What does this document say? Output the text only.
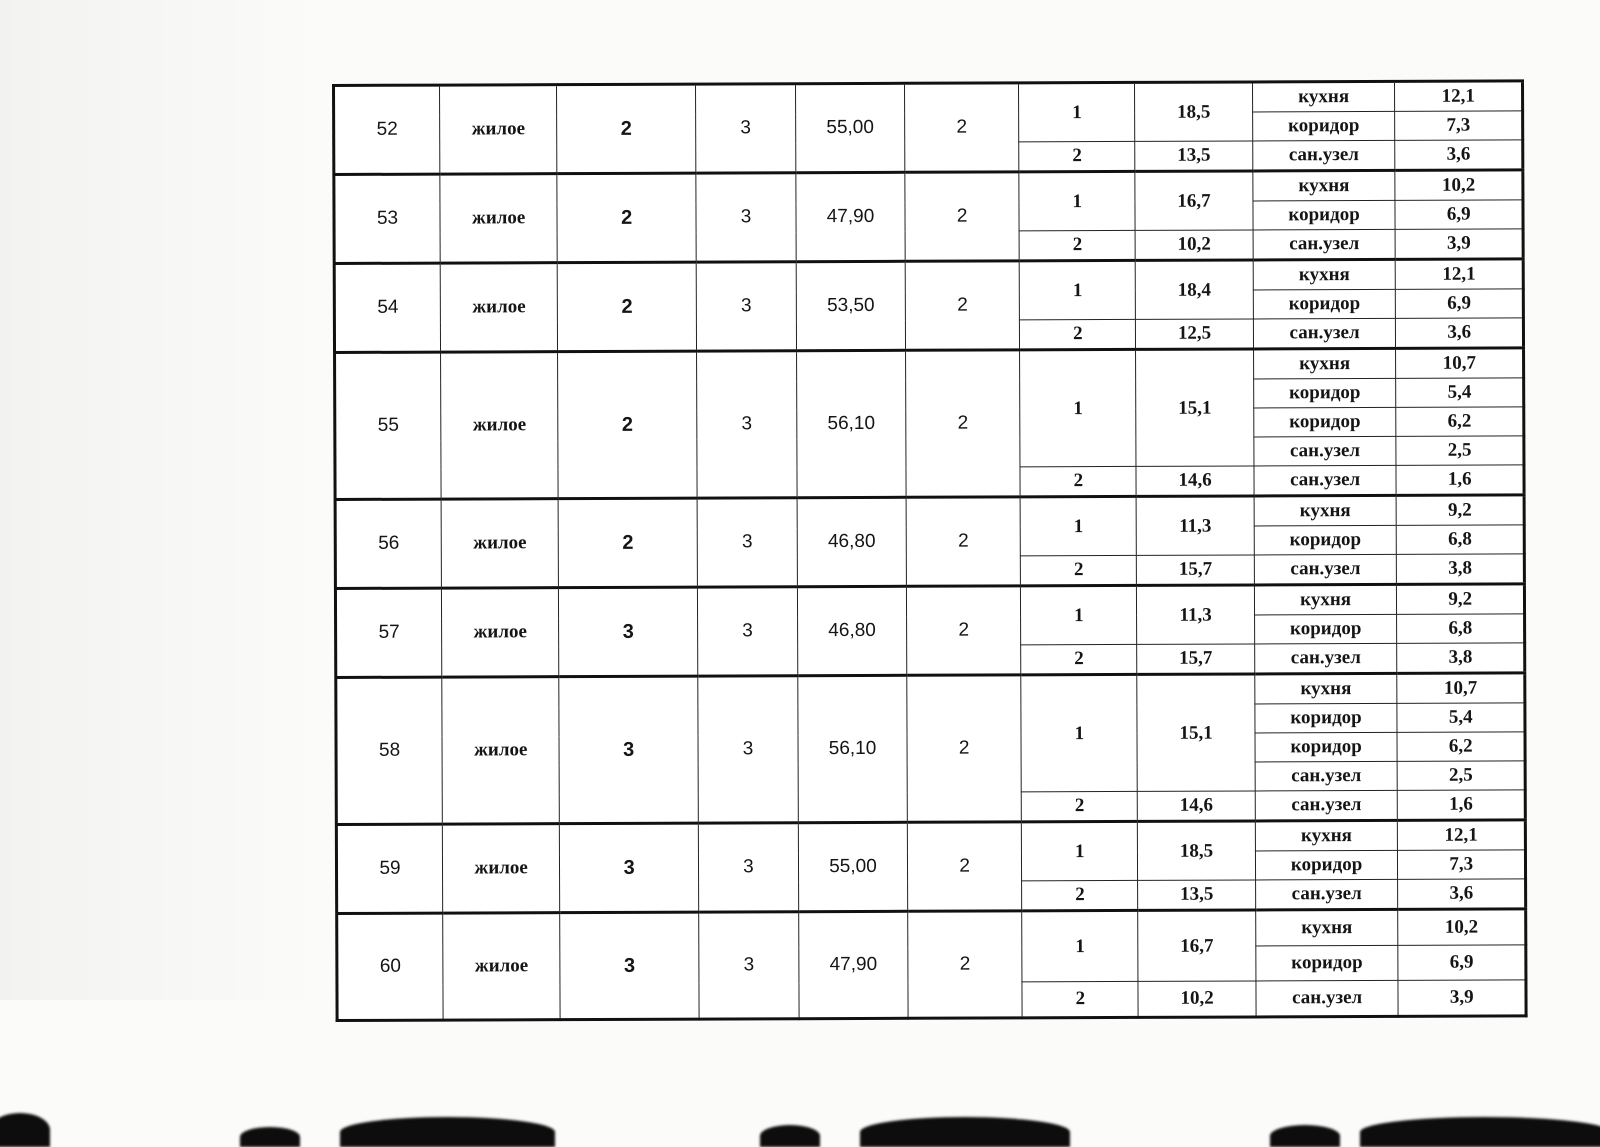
52	жилое	2	3	55,00	2	1	18,5	кухня	12,1
								коридор	7,3
						2	13,5	сан.узел	3,6
53	жилое	2	3	47,90	2	1	16,7	кухня	10,2
								коридор	6,9
						2	10,2	сан.узел	3,9
54	жилое	2	3	53,50	2	1	18,4	кухня	12,1
								коридор	6,9
						2	12,5	сан.узел	3,6
55	жилое	2	3	56,10	2	1	15,1	кухня	10,7
								коридор	5,4
								коридор	6,2
								сан.узел	2,5
						2	14,6	сан.узел	1,6
56	жилое	2	3	46,80	2	1	11,3	кухня	9,2
								коридор	6,8
						2	15,7	сан.узел	3,8
57	жилое	3	3	46,80	2	1	11,3	кухня	9,2
								коридор	6,8
						2	15,7	сан.узел	3,8
58	жилое	3	3	56,10	2	1	15,1	кухня	10,7
								коридор	5,4
								коридор	6,2
								сан.узел	2,5
						2	14,6	сан.узел	1,6
59	жилое	3	3	55,00	2	1	18,5	кухня	12,1
								коридор	7,3
						2	13,5	сан.узел	3,6
60	жилое	3	3	47,90	2	1	16,7	кухня	10,2
								коридор	6,9
						2	10,2	сан.узел	3,9
